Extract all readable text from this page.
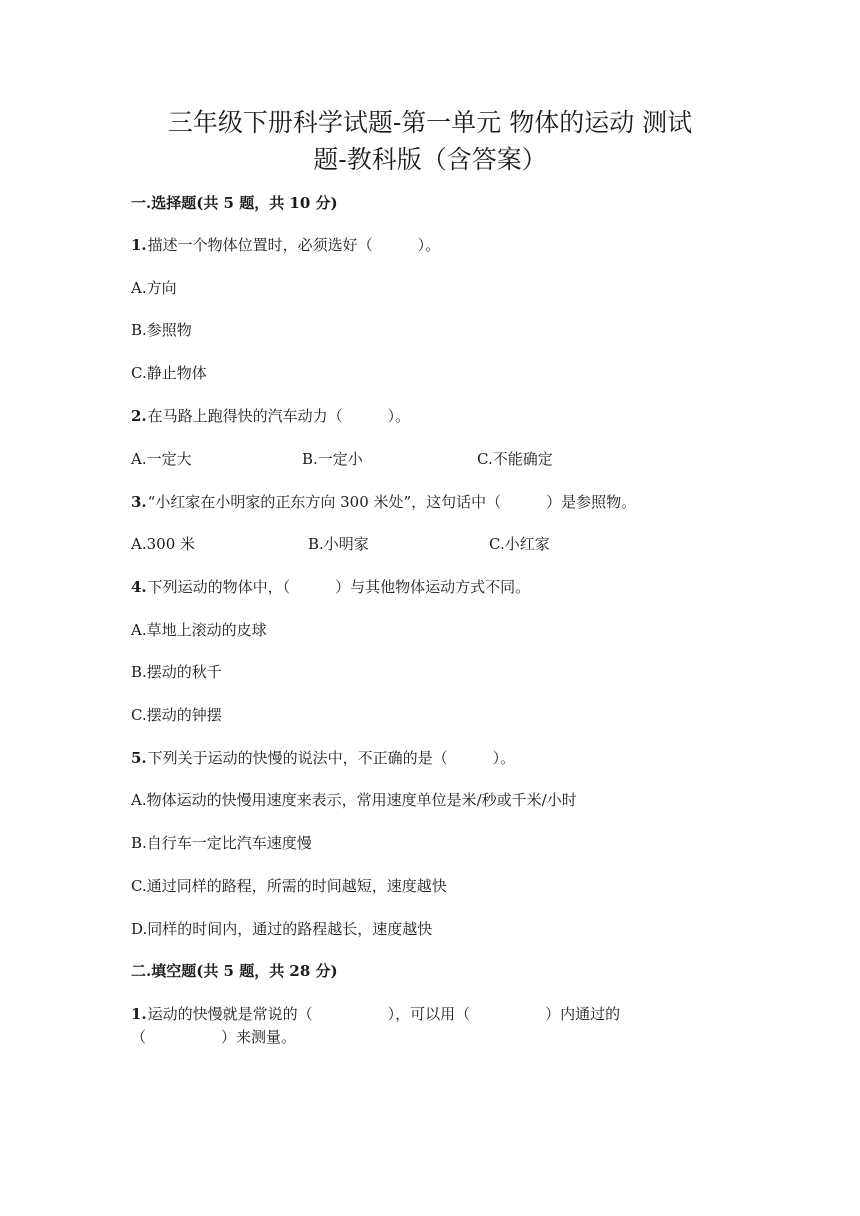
三年级下册科学试题-第一单元 物体的运动 测试
题-教科版（含答案）
一.选择题(共 5 题，共 10 分)
1.描述一个物体位置时，必须选好（　　　）。
A.方向
B.参照物
C.静止物体
2.在马路上跑得快的汽车动力（　　　）。
A.一定大	B.一定小	C.不能确定
3.“小红家在小明家的正东方向 300 米处”，这句话中（　　　）是参照物。
A.300 米	B.小明家	C.小红家
4.下列运动的物体中，（　　　）与其他物体运动方式不同。
A.草地上滚动的皮球
B.摆动的秋千
C.摆动的钟摆
5.下列关于运动的快慢的说法中，不正确的是（　　　）。
A.物体运动的快慢用速度来表示，常用速度单位是米/秒或千米/小时
B.自行车一定比汽车速度慢
C.通过同样的路程，所需的时间越短，速度越快
D.同样的时间内，通过的路程越长，速度越快
二.填空题(共 5 题，共 28 分)
1.运动的快慢就是常说的（　　　　　），可以用（　　　　　）内通过的
（　　　　　）来测量。
